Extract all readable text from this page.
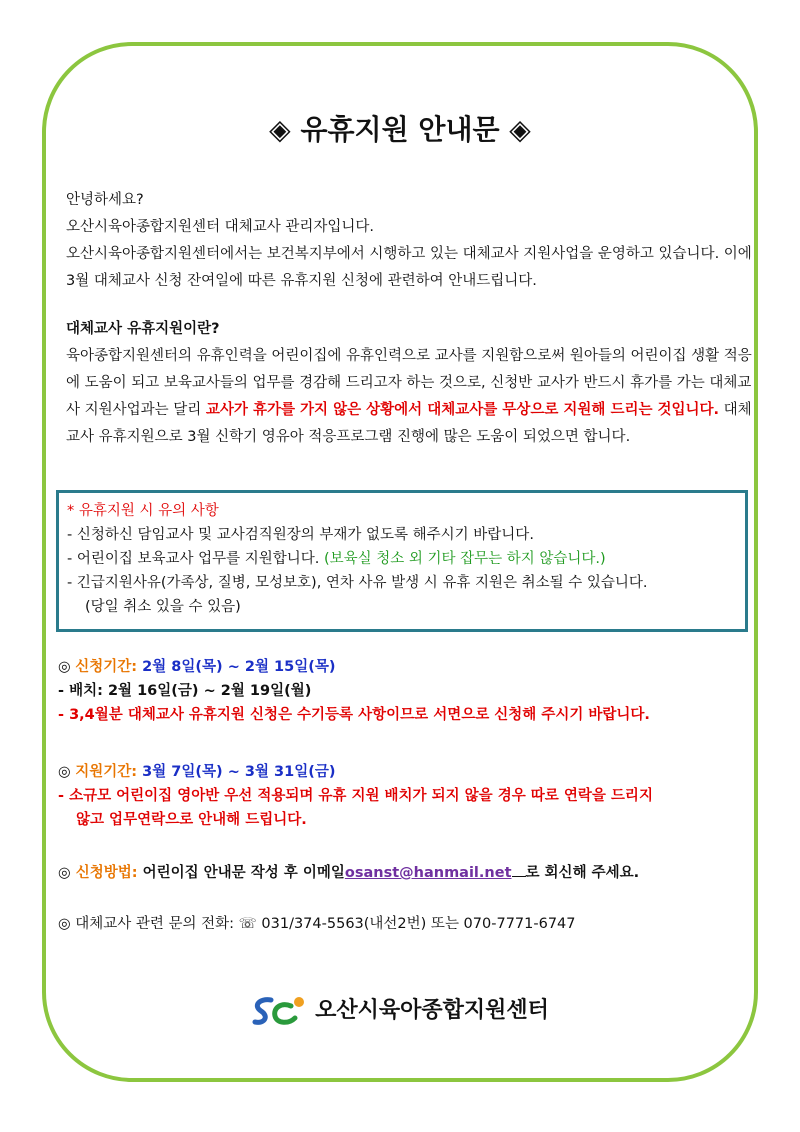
◈ 유휴지원 안내문 ◈
안녕하세요?
오산시육아종합지원센터 대체교사 관리자입니다.
오산시육아종합지원센터에서는 보건복지부에서 시행하고 있는 대체교사 지원사업을 운영하고 있습니다. 이에 3월 대체교사 신청 잔여일에 따른 유휴지원 신청에 관련하여 안내드립니다.
대체교사 유휴지원이란?
육아종합지원센터의 유휴인력을 어린이집에 유휴인력으로 교사를 지원함으로써 원아들의 어린이집 생활 적응에 도움이 되고 보육교사들의 업무를 경감해 드리고자 하는 것으로, 신청반 교사가 반드시 휴가를 가는 대체교사 지원사업과는 달리 교사가 휴가를 가지 않은 상황에서 대체교사를 무상으로 지원해 드리는 것입니다. 대체교사 유휴지원으로 3월 신학기 영유아 적응프로그램 진행에 많은 도움이 되었으면 합니다.
* 유휴지원 시 유의 사항
- 신청하신 담임교사 및 교사검직원장의 부재가 없도록 해주시기 바랍니다.
- 어린이집 보육교사 업무를 지원합니다. (보육실 청소 외 기타 잡무는 하지 않습니다.)
- 긴급지원사유(가족상, 질병, 모성보호), 연차 사유 발생 시 유휴 지원은 취소될 수 있습니다.
(당일 취소 있을 수 있음)
◎ 신청기간: 2월 8일(목) ~ 2월 15일(목)
- 배치: 2월 16일(금) ~ 2월 19일(월)
- 3,4월분 대체교사 유휴지원 신청은 수기등록 사항이므로 서면으로 신청해 주시기 바랍니다.
◎ 지원기간: 3월 7일(목) ~ 3월 31일(금)
- 소규모 어린이집 영아반 우선 적용되며 유휴 지원 배치가 되지 않을 경우 따로 연락을 드리지
않고 업무연락으로 안내해 드립니다.
◎ 신청방법: 어린이집 안내문 작성 후 이메일osanst@hanmail.net 로 회신해 주세요.
◎ 대체교사 관련 문의 전화: ☏ 031/374-5563(내선2번) 또는 070-7771-6747
오산시육아종합지원센터
